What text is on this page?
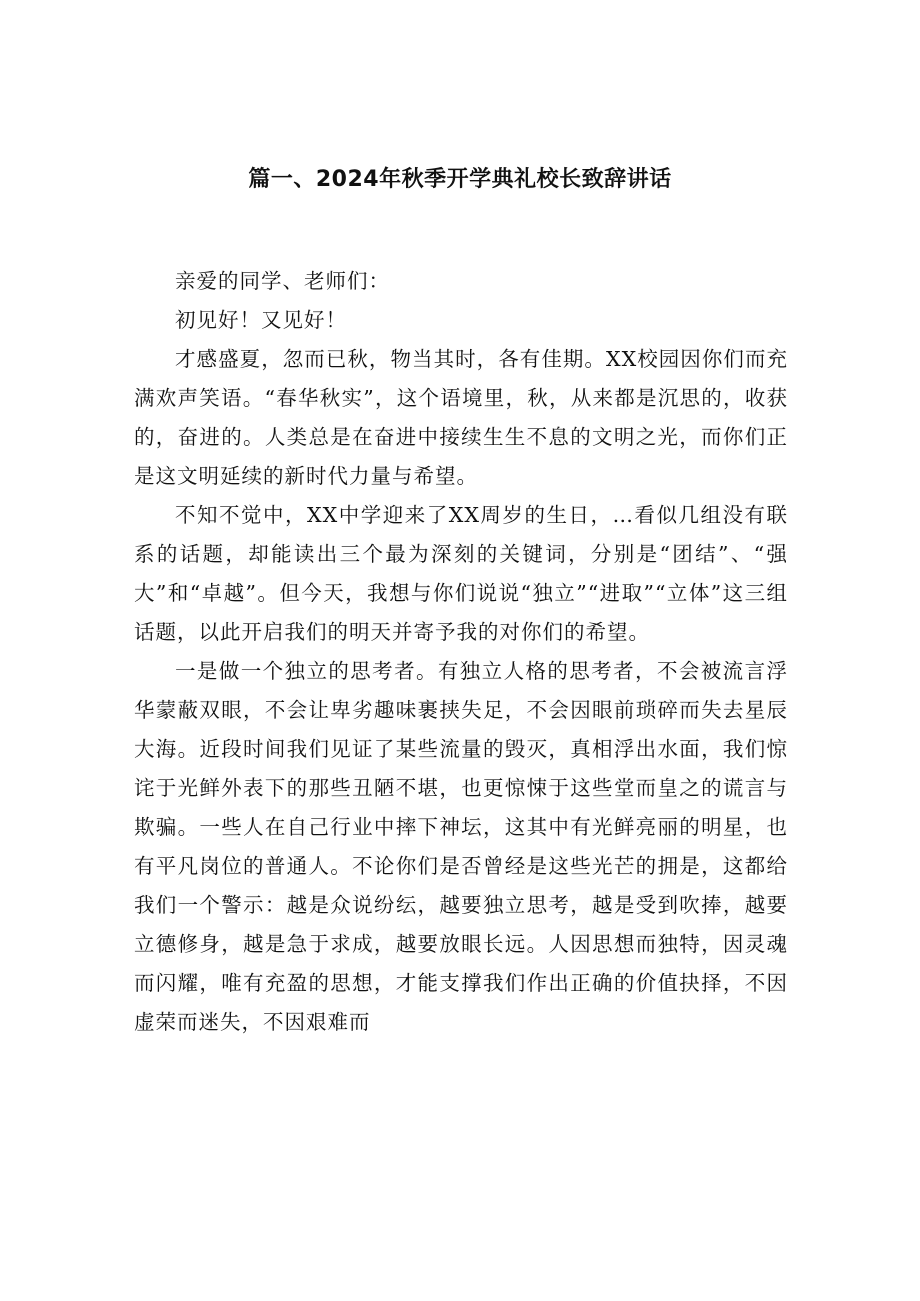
篇一、2024年秋季开学典礼校长致辞讲话

亲爱的同学、老师们：

初见好！又见好！

才感盛夏，忽而已秋，物当其时，各有佳期。XX校园因你们而充满欢声笑语。“春华秋实”，这个语境里，秋，从来都是沉思的，收获的，奋进的。人类总是在奋进中接续生生不息的文明之光，而你们正是这文明延续的新时代力量与希望。

不知不觉中，XX中学迎来了XX周岁的生日，…看似几组没有联系的话题，却能读出三个最为深刻的关键词，分别是“团结”、“强大”和“卓越”。但今天，我想与你们说说“独立”“进取”“立体”这三组话题，以此开启我们的明天并寄予我的对你们的希望。

一是做一个独立的思考者。有独立人格的思考者，不会被流言浮华蒙蔽双眼，不会让卑劣趣味裹挟失足，不会因眼前琐碎而失去星辰大海。近段时间我们见证了某些流量的毁灭，真相浮出水面，我们惊诧于光鲜外表下的那些丑陋不堪，也更惊悚于这些堂而皇之的谎言与欺骗。一些人在自己行业中摔下神坛，这其中有光鲜亮丽的明星，也有平凡岗位的普通人。不论你们是否曾经是这些光芒的拥是，这都给我们一个警示：越是众说纷纭，越要独立思考，越是受到吹捧，越要立德修身，越是急于求成，越要放眼长远。人因思想而独特，因灵魂而闪耀，唯有充盈的思想，才能支撑我们作出正确的价值抉择，不因虚荣而迷失，不因艰难而
